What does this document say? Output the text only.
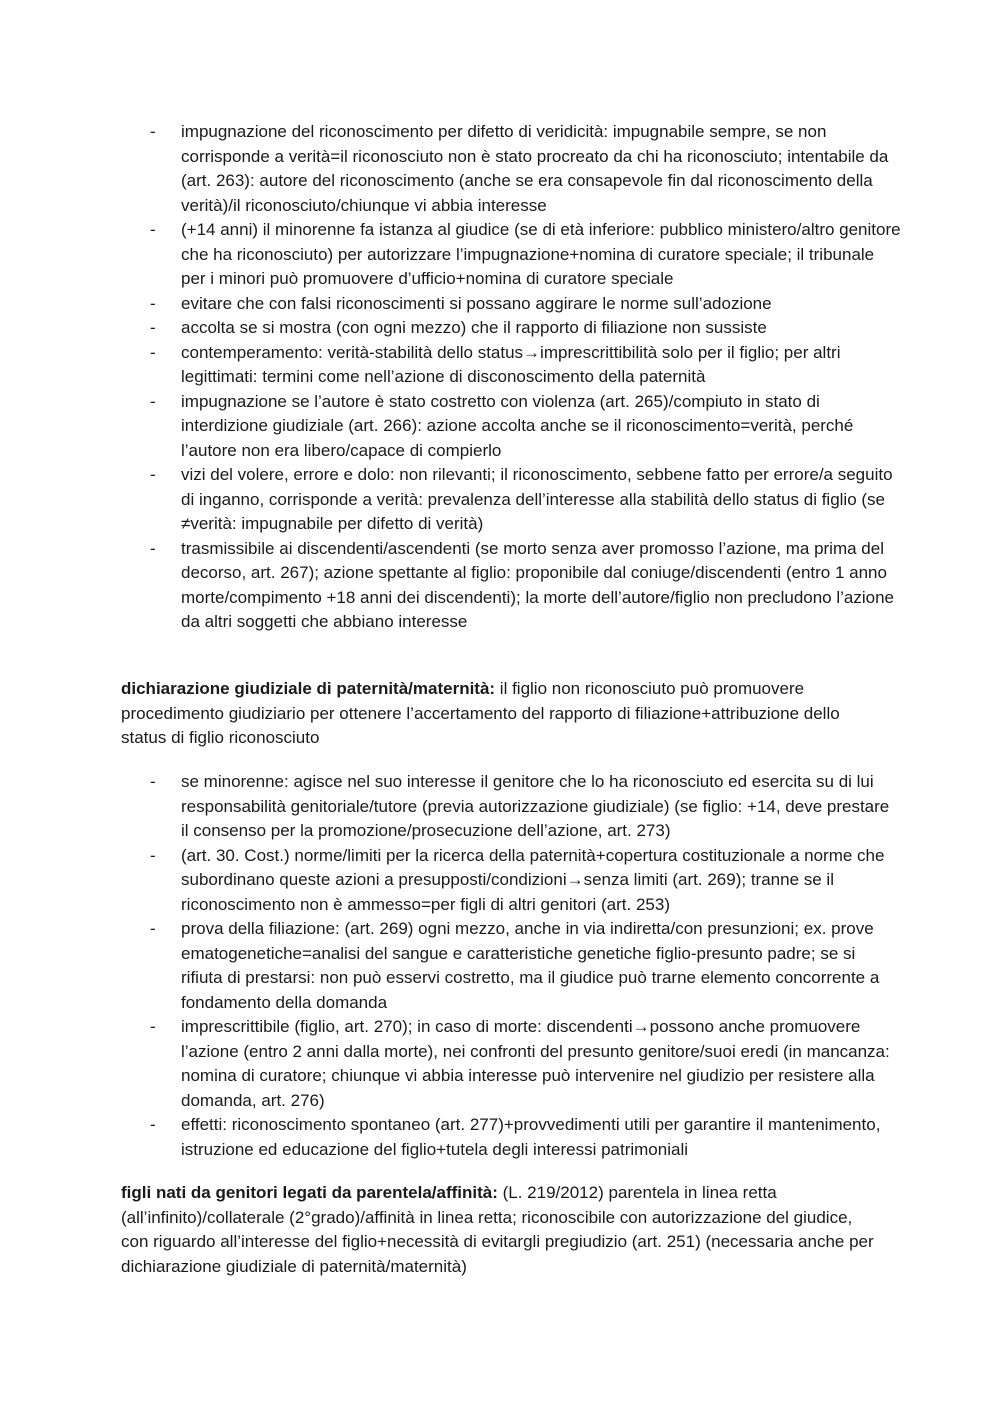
- impugnazione del riconoscimento per difetto di veridicità: impugnabile sempre, se non corrisponde a verità=il riconosciuto non è stato procreato da chi ha riconosciuto; intentabile da (art. 263): autore del riconoscimento (anche se era consapevole fin dal riconoscimento della verità)/il riconosciuto/chiunque vi abbia interesse
- (+14 anni) il minorenne fa istanza al giudice (se di età inferiore: pubblico ministero/altro genitore che ha riconosciuto) per autorizzare l’impugnazione+nomina di curatore speciale; il tribunale per i minori può promuovere d’ufficio+nomina di curatore speciale
- evitare che con falsi riconoscimenti si possano aggirare le norme sull’adozione
- accolta se si mostra (con ogni mezzo) che il rapporto di filiazione non sussiste
- contemperamento: verità-stabilità dello status→imprescrittibilità solo per il figlio; per altri legittimati: termini come nell’azione di disconoscimento della paternità
- impugnazione se l’autore è stato costretto con violenza (art. 265)/compiuto in stato di interdizione giudiziale (art. 266): azione accolta anche se il riconoscimento=verità, perché l’autore non era libero/capace di compierlo
- vizi del volere, errore e dolo: non rilevanti; il riconoscimento, sebbene fatto per errore/a seguito di inganno, corrisponde a verità: prevalenza dell’interesse alla stabilità dello status di figlio (se ≠verità: impugnabile per difetto di verità)
- trasmissibile ai discendenti/ascendenti (se morto senza aver promosso l’azione, ma prima del decorso, art. 267); azione spettante al figlio: proponibile dal coniuge/discendenti (entro 1 anno morte/compimento +18 anni dei discendenti); la morte dell’autore/figlio non precludono l’azione da altri soggetti che abbiano interesse

dichiarazione giudiziale di paternità/maternità: il figlio non riconosciuto può promuovere procedimento giudiziario per ottenere l’accertamento del rapporto di filiazione+attribuzione dello status di figlio riconosciuto

- se minorenne: agisce nel suo interesse il genitore che lo ha riconosciuto ed esercita su di lui responsabilità genitoriale/tutore (previa autorizzazione giudiziale) (se figlio: +14, deve prestare il consenso per la promozione/prosecuzione dell’azione, art. 273)
- (art. 30. Cost.) norme/limiti per la ricerca della paternità+copertura costituzionale a norme che subordinano queste azioni a presupposti/condizioni→senza limiti (art. 269); tranne se il riconoscimento non è ammesso=per figli di altri genitori (art. 253)
- prova della filiazione: (art. 269) ogni mezzo, anche in via indiretta/con presunzioni; ex. prove ematogenetiche=analisi del sangue e caratteristiche genetiche figlio-presunto padre; se si rifiuta di prestarsi: non può esservi costretto, ma il giudice può trarne elemento concorrente a fondamento della domanda
- imprescrittibile (figlio, art. 270); in caso di morte: discendenti→possono anche promuovere l’azione (entro 2 anni dalla morte), nei confronti del presunto genitore/suoi eredi (in mancanza: nomina di curatore; chiunque vi abbia interesse può intervenire nel giudizio per resistere alla domanda, art. 276)
- effetti: riconoscimento spontaneo (art. 277)+provvedimenti utili per garantire il mantenimento, istruzione ed educazione del figlio+tutela degli interessi patrimoniali

figli nati da genitori legati da parentela/affinità: (L. 219/2012) parentela in linea retta (all’infinito)/collaterale (2°grado)/affinità in linea retta; riconoscibile con autorizzazione del giudice, con riguardo all’interesse del figlio+necessità di evitargli pregiudizio (art. 251) (necessaria anche per dichiarazione giudiziale di paternità/maternità)
